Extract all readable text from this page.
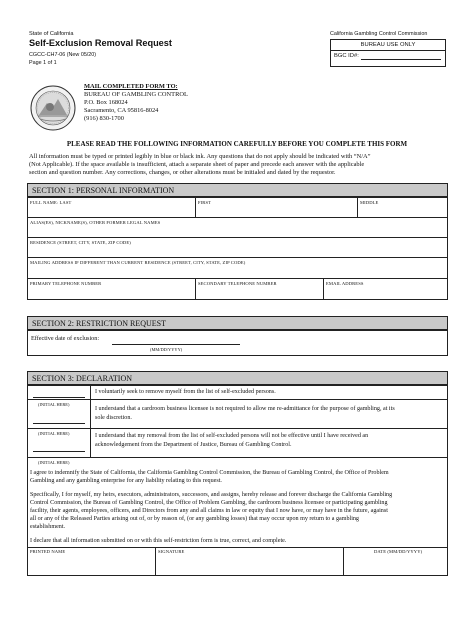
State of California
Self-Exclusion Removal Request
CGCC-CH7-06 (New 05/20)
Page 1 of 1
California Gambling Control Commission
BUREAU USE ONLY
BGC ID#:
MAIL COMPLETED FORM TO:
BUREAU OF GAMBLING CONTROL
P.O. Box 168024
Sacramento, CA 95816-8024
(916) 830-1700
PLEASE READ THE FOLLOWING INFORMATION CAREFULLY BEFORE YOU COMPLETE THIS FORM
All information must be typed or printed legibly in blue or black ink. Any questions that do not apply should be indicated with “N/A”
(Not Applicable). If the space available is insufficient, attach a separate sheet of paper and precede each answer with the applicable
section and question number. Any corrections, changes, or other alterations must be initialed and dated by the requestor.
SECTION 1: PERSONAL INFORMATION
FULL NAME: LAST	FIRST	MIDDLE
ALIAS(ES), NICKNAME(S), OTHER FORMER LEGAL NAMES
RESIDENCE (STREET, CITY, STATE, ZIP CODE)
MAILING ADDRESS IF DIFFERENT THAN CURRENT RESIDENCE (STREET, CITY, STATE, ZIP CODE)
PRIMARY TELEPHONE NUMBER	SECONDARY TELEPHONE NUMBER	EMAIL ADDRESS
SECTION 2: RESTRICTION REQUEST
Effective date of exclusion:
(MM/DD/YYYY)
SECTION 3: DECLARATION
(INITIAL HERE)
I voluntarily seek to remove myself from the list of self-excluded persons.
(INITIAL HERE)
I understand that a cardroom business licensee is not required to allow me re-admittance for the purpose of gambling, at its
sole discretion.
(INITIAL HERE)
I understand that my removal from the list of self-excluded persons will not be effective until I have received an
acknowledgement from the Department of Justice, Bureau of Gambling Control.
I agree to indemnify the State of California, the California Gambling Control Commission, the Bureau of Gambling Control, the Office of Problem
Gambling and any gambling enterprise for any liability relating to this request.
Specifically, I for myself, my heirs, executors, administrators, successors, and assigns, hereby release and forever discharge the California Gambling
Control Commission, the Bureau of Gambling Control, the Office of Problem Gambling, the cardroom business licensee or participating gambling
facility, their agents, employees, officers, and Directors from any and all claims in law or equity that I now have, or may have in the future, against
all or any of the Released Parties arising out of, or by reason of, (or any gambling losses) that may occur upon my return to a gambling
establishment.
I declare that all information submitted on or with this self-restriction form is true, correct, and complete.
PRINTED NAME	SIGNATURE	DATE (MM/DD/YYYY)
